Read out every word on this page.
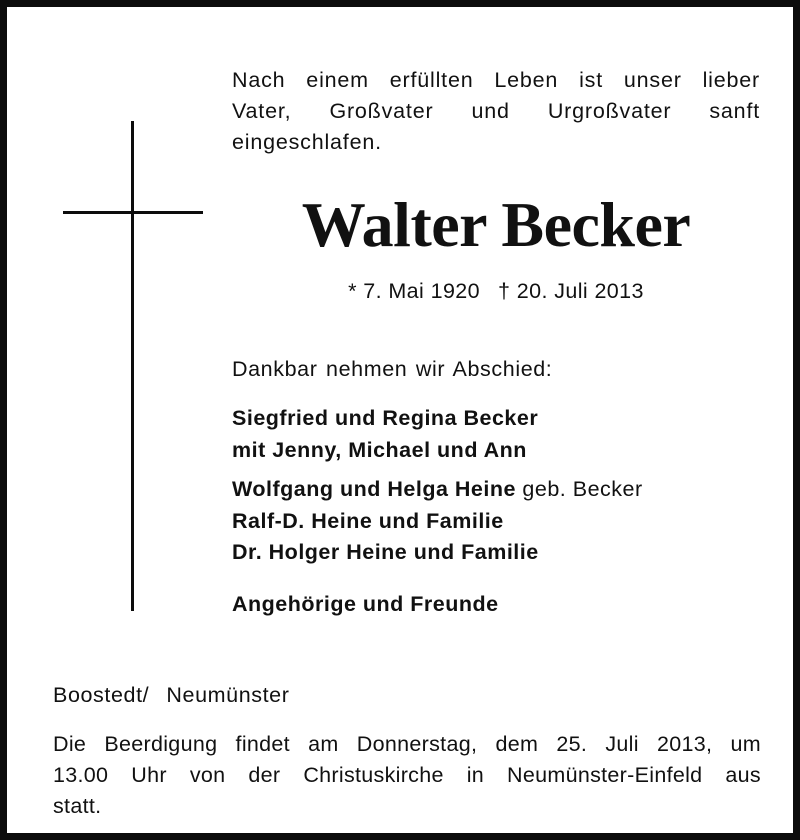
Nach einem erfüllten Leben ist unser lieber
Vater, Großvater und Urgroßvater sanft
eingeschlafen.
Walter Becker
* 7. Mai 1920 † 20. Juli 2013
Dankbar nehmen wir Abschied:
Siegfried und Regina Becker
mit Jenny, Michael und Ann
Wolfgang und Helga Heine geb. Becker
Ralf-D. Heine und Familie
Dr. Holger Heine und Familie
Angehörige und Freunde
Boostedt/  Neumünster
Die Beerdigung findet am Donnerstag, dem 25. Juli 2013, um
13.00 Uhr von der Christuskirche in Neumünster-Einfeld aus
statt.
